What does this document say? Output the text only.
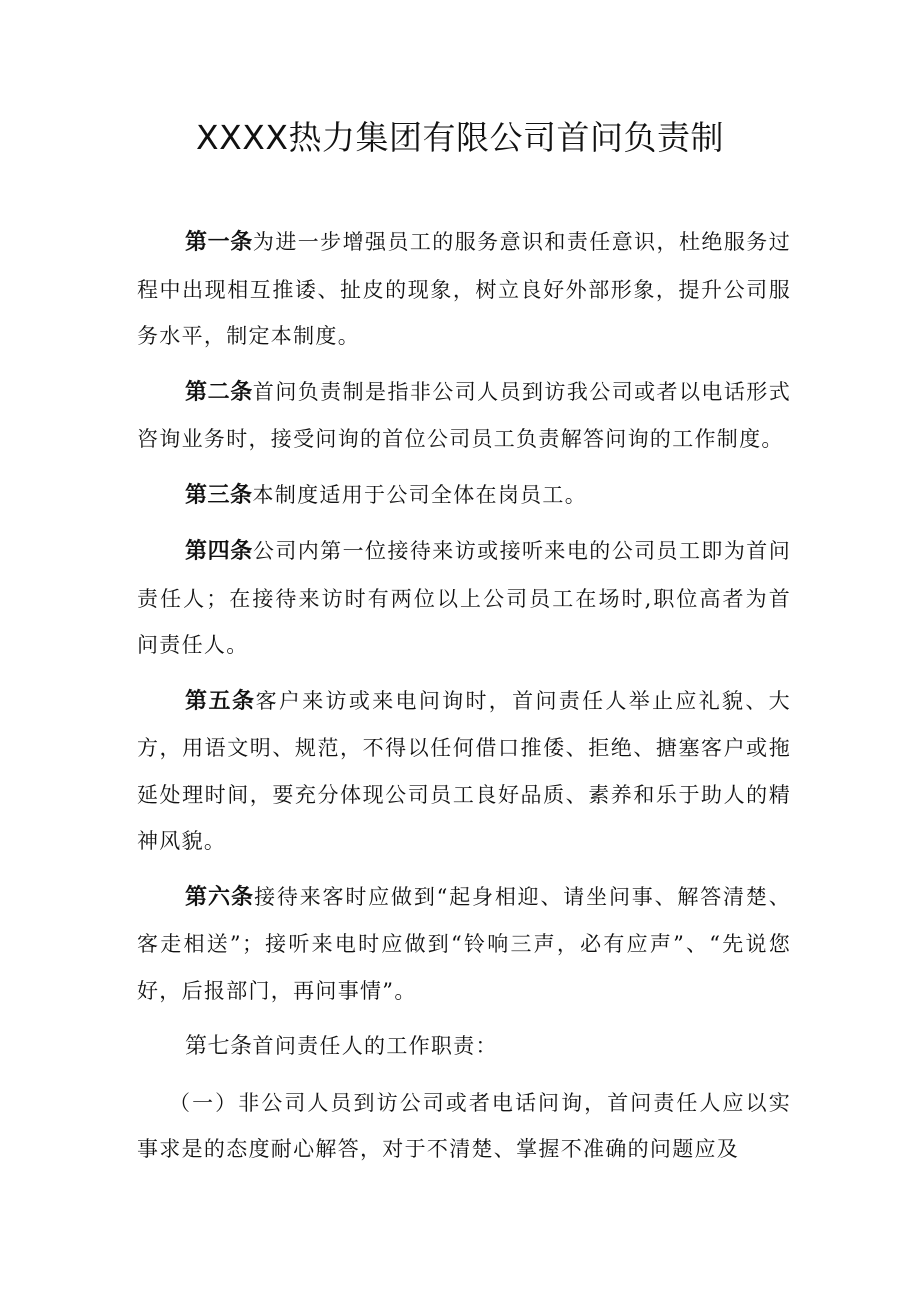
XXXX热力集团有限公司首问负责制

第一条为进一步增强员工的服务意识和责任意识，杜绝服务过程中出现相互推诿、扯皮的现象，树立良好外部形象，提升公司服务水平，制定本制度。

第二条首问负责制是指非公司人员到访我公司或者以电话形式咨询业务时，接受问询的首位公司员工负责解答问询的工作制度。

第三条本制度适用于公司全体在岗员工。

第四条公司内第一位接待来访或接听来电的公司员工即为首问责任人；在接待来访时有两位以上公司员工在场时,职位高者为首问责任人。

第五条客户来访或来电问询时，首问责任人举止应礼貌、大方，用语文明、规范，不得以任何借口推倭、拒绝、搪塞客户或拖延处理时间，要充分体现公司员工良好品质、素养和乐于助人的精神风貌。

第六条接待来客时应做到“起身相迎、请坐问事、解答清楚、客走相送”；接听来电时应做到“铃响三声，必有应声”、“先说您好，后报部门，再问事情”。

第七条首问责任人的工作职责：

（一）非公司人员到访公司或者电话问询，首问责任人应以实事求是的态度耐心解答，对于不清楚、掌握不准确的问题应及
